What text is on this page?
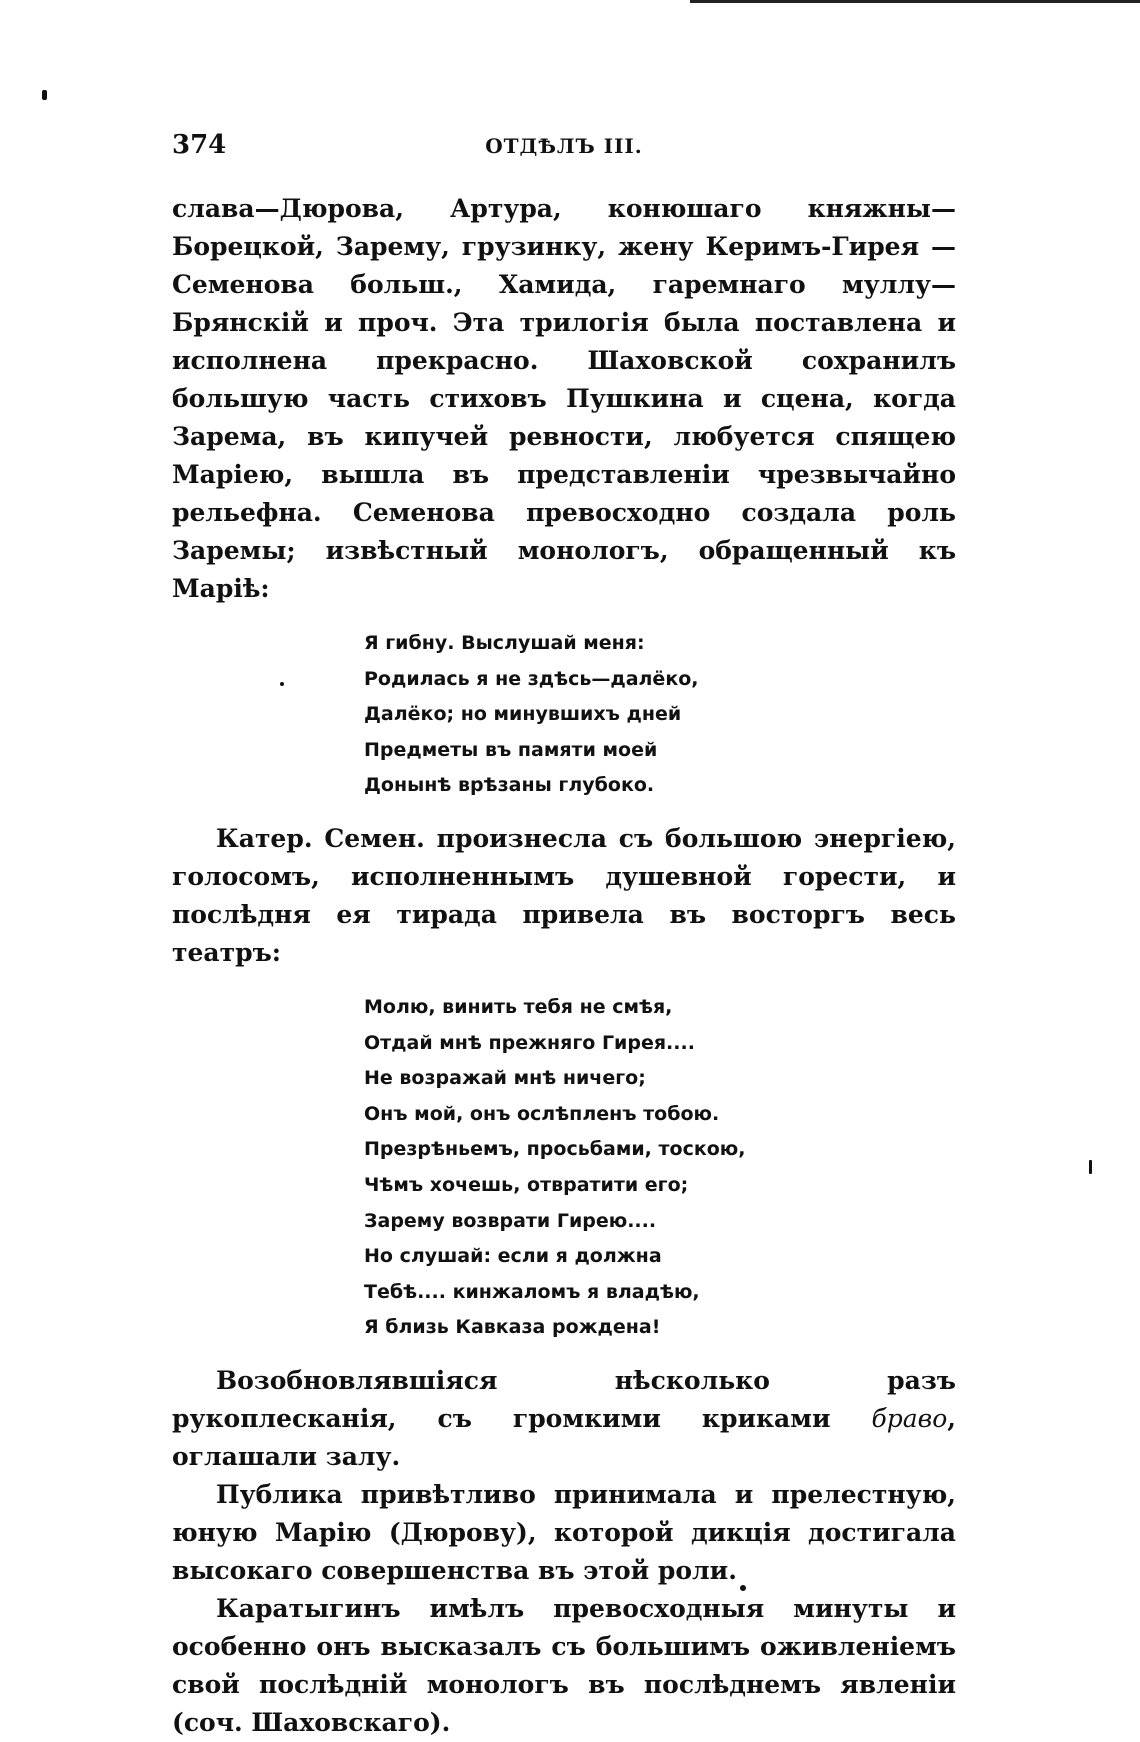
374	ОТДѢЛЪ III.

слава—Дюрова, Артура, конюшаго княжны—Борецкой, Зарему, грузинку, жену Керимъ-Гирея —Семенова больш., Хамида, гаремнаго муллу—Брянскій и проч. Эта трилогія была поставлена и исполнена прекрасно. Шаховской сохранилъ большую часть стиховъ Пушкина и сцена, когда Зарема, въ кипучей ревности, любуется спящею Маріею, вышла въ представленіи чрезвычайно рельефна. Семенова превосходно создала роль Заремы; извѣстный монологъ, обращенный къ Маріѣ:

Я гибну. Выслушай меня:
Родилась я не здѣсь—далёко,
Далёко; но минувшихъ дней
Предметы въ памяти моей
Донынѣ врѣзаны глубоко.

Катер. Семен. произнесла съ большою энергіею, голосомъ, исполненнымъ душевной горести, и послѣдня ея тирада привела въ восторгъ весь театръ:

Молю, винить тебя не смѣя,
Отдай мнѣ прежняго Гирея....
Не возражай мнѣ ничего;
Онъ мой, онъ ослѣпленъ тобою.
Презрѣньемъ, просьбами, тоскою,
Чѣмъ хочешь, отвратити его;
Зарему возврати Гирею....
Но слушай: если я должна
Тебѣ.... кинжаломъ я владѣю,
Я близь Кавказа рождена!

Возобновлявшіяся нѣсколько разъ рукоплесканія, съ громкими криками браво, оглашали залу.

Публика привѣтливо принимала и прелестную, юную Марію (Дюрову), которой дикція достигала высокаго совершенства въ этой роли.

Каратыгинъ имѣлъ превосходныя минуты и особенно онъ высказалъ съ большимъ оживленіемъ свой послѣдній монологъ въ послѣднемъ явленіи (соч. Шаховскаго).
